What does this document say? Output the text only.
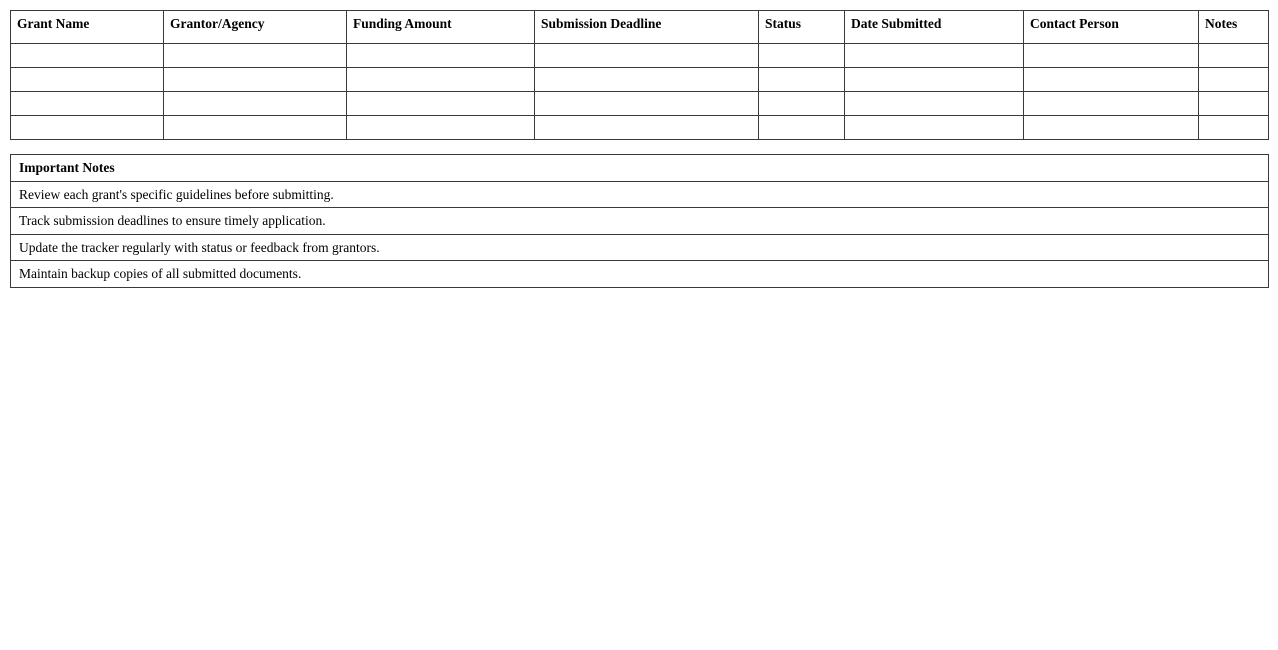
Grant Name	Grantor/Agency	Funding Amount	Submission Deadline	Status	Date Submitted	Contact Person	Notes

Important Notes
Review each grant's specific guidelines before submitting.
Track submission deadlines to ensure timely application.
Update the tracker regularly with status or feedback from grantors.
Maintain backup copies of all submitted documents.
